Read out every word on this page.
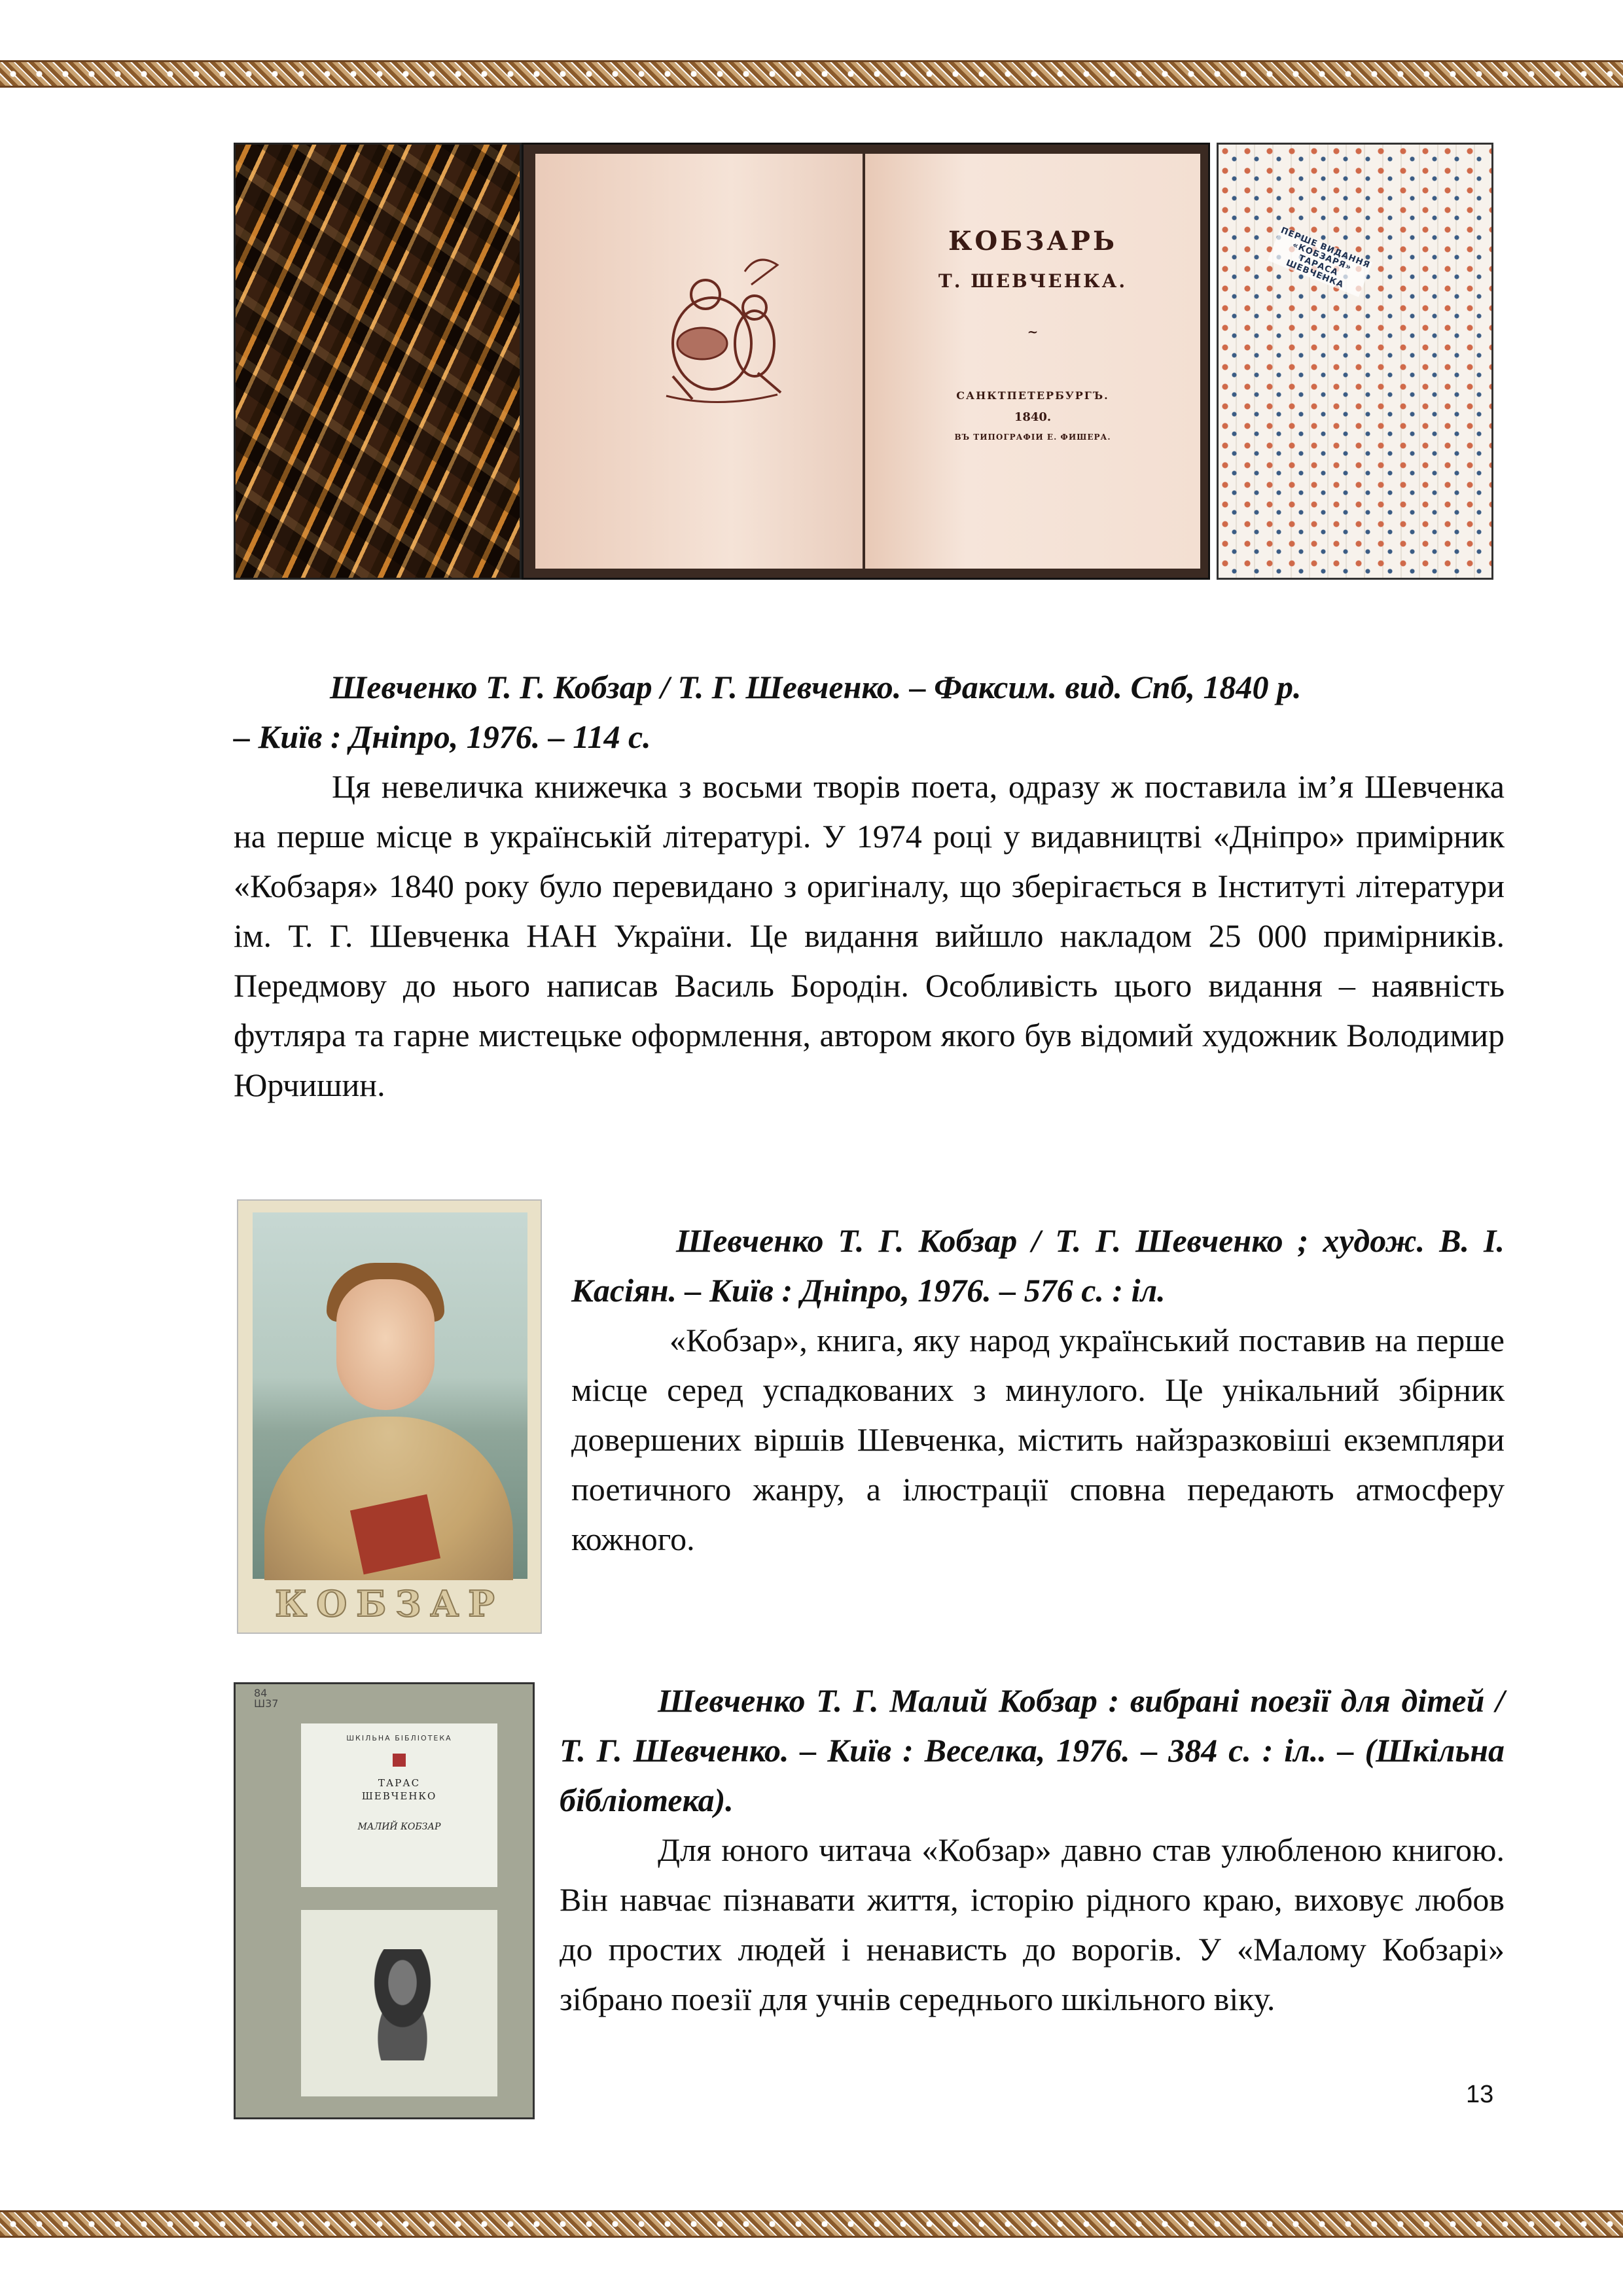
КОБЗАРЬ
Т. ШЕВЧЕНКА.
~
САНКТПЕТЕРБУРГЪ.
1840.
ВЪ ТИПОГРАФІИ Е. ФИШЕРА.
ПЕРШЕ ВИДАННЯ «КОБЗАРЯ» ТАРАСА ШЕВЧЕНКА
Шевченко Т. Г. Кобзар / Т. Г. Шевченко. – Факсим. вид. Спб, 1840 р.
– Київ : Дніпро, 1976. – 114 с.
Ця невеличка книжечка з восьми творів поета, одразу ж поставила ім’я Шевченка на перше місце в українській літературі. У 1974 році у видавництві «Дніпро» примірник «Кобзаря» 1840 року було перевидано з оригіналу, що зберігається в Інституті літератури ім. Т. Г. Шевченка НАН України. Це видання вийшло накладом 25 000 примірників. Передмову до нього написав Василь Бородін. Особливість цього видання – наявність футляра та гарне мистецьке оформлення, автором якого був відомий художник Володимир Юрчишин.
КОБЗАР
Шевченко Т. Г. Кобзар / Т. Г. Шевченко ; худож. В. І. Касіян. – Київ : Дніпро, 1976. – 576 с. : іл.
«Кобзар», книга, яку народ український поставив на перше місце серед успадкованих з минулого. Це унікальний збірник довершених віршів Шевченка, містить найзразковіші екземпляри поетичного жанру, а ілюстрації сповна передають атмосферу кожного.
84
Ш37
ШКІЛЬНА БІБЛІОТЕКА
ТАРАС
ШЕВЧЕНКО
МАЛИЙ КОБЗАР
Шевченко Т. Г. Малий Кобзар : вибрані поезії для дітей / Т. Г. Шевченко. – Київ : Веселка, 1976. – 384 с. : іл.. – (Шкільна бібліотека).
Для юного читача «Кобзар» давно став улюбленою книгою. Він навчає пізнавати життя, історію рідного краю, виховує любов до простих людей і ненависть до ворогів. У «Малому Кобзарі» зібрано поезії для учнів середнього шкільного віку.
13
